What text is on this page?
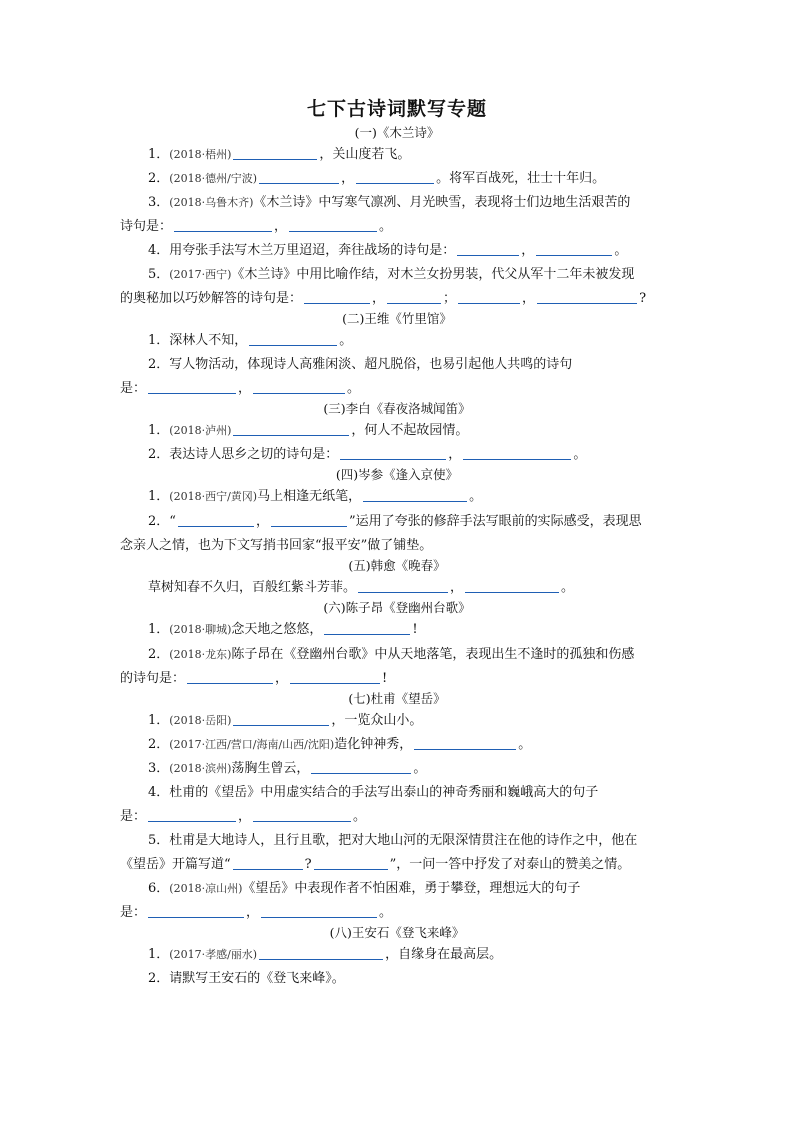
七下古诗词默写专题
(一)《木兰诗》
1．(2018·梧州)	，关山度若飞。
2．(2018·德州/宁波)	，	。将军百战死，壮士十年归。
3．(2018·乌鲁木齐)《木兰诗》中写寒气凛冽、月光映雪，表现将士们边地生活艰苦的
诗句是：	，	。
4．用夸张手法写木兰万里迢迢，奔往战场的诗句是：	，	。
5．(2017·西宁)《木兰诗》中用比喻作结，对木兰女扮男装，代父从军十二年未被发现
的奥秘加以巧妙解答的诗句是：	，	；	，	?
(二)王维《竹里馆》
1．深林人不知，	。
2．写人物活动，体现诗人高雅闲淡、超凡脱俗，也易引起他人共鸣的诗句
是：	，	。
(三)李白《春夜洛城闻笛》
1．(2018·泸州)	，何人不起故园情。
2．表达诗人思乡之切的诗句是：	，	。
(四)岑参《逢入京使》
1．(2018·西宁/黄冈)马上相逢无纸笔，	。
2．“	，	”运用了夸张的修辞手法写眼前的实际感受，表现思
念亲人之情，也为下文写捎书回家“报平安”做了铺垫。
(五)韩愈《晚春》
草树知春不久归，百般红紫斗芳菲。	，	。
(六)陈子昂《登幽州台歌》
1．(2018·聊城)念天地之悠悠，	!
2．(2018·龙东)陈子昂在《登幽州台歌》中从天地落笔，表现出生不逢时的孤独和伤感
的诗句是：	，	!
(七)杜甫《望岳》
1．(2018·岳阳)	，一览众山小。
2．(2017·江西/营口/海南/山西/沈阳)造化钟神秀，	。
3．(2018·滨州)荡胸生曾云，	。
4．杜甫的《望岳》中用虚实结合的手法写出泰山的神奇秀丽和巍峨高大的句子
是：	，	。
5．杜甫是大地诗人，且行且歌，把对大地山河的无限深情贯注在他的诗作之中，他在
《望岳》开篇写道“	?	”，一问一答中抒发了对泰山的赞美之情。
6．(2018·凉山州)《望岳》中表现作者不怕困难，勇于攀登，理想远大的句子
是：	，	。
(八)王安石《登飞来峰》
1．(2017·孝感/丽水)	，自缘身在最高层。
2．请默写王安石的《登飞来峰》。
